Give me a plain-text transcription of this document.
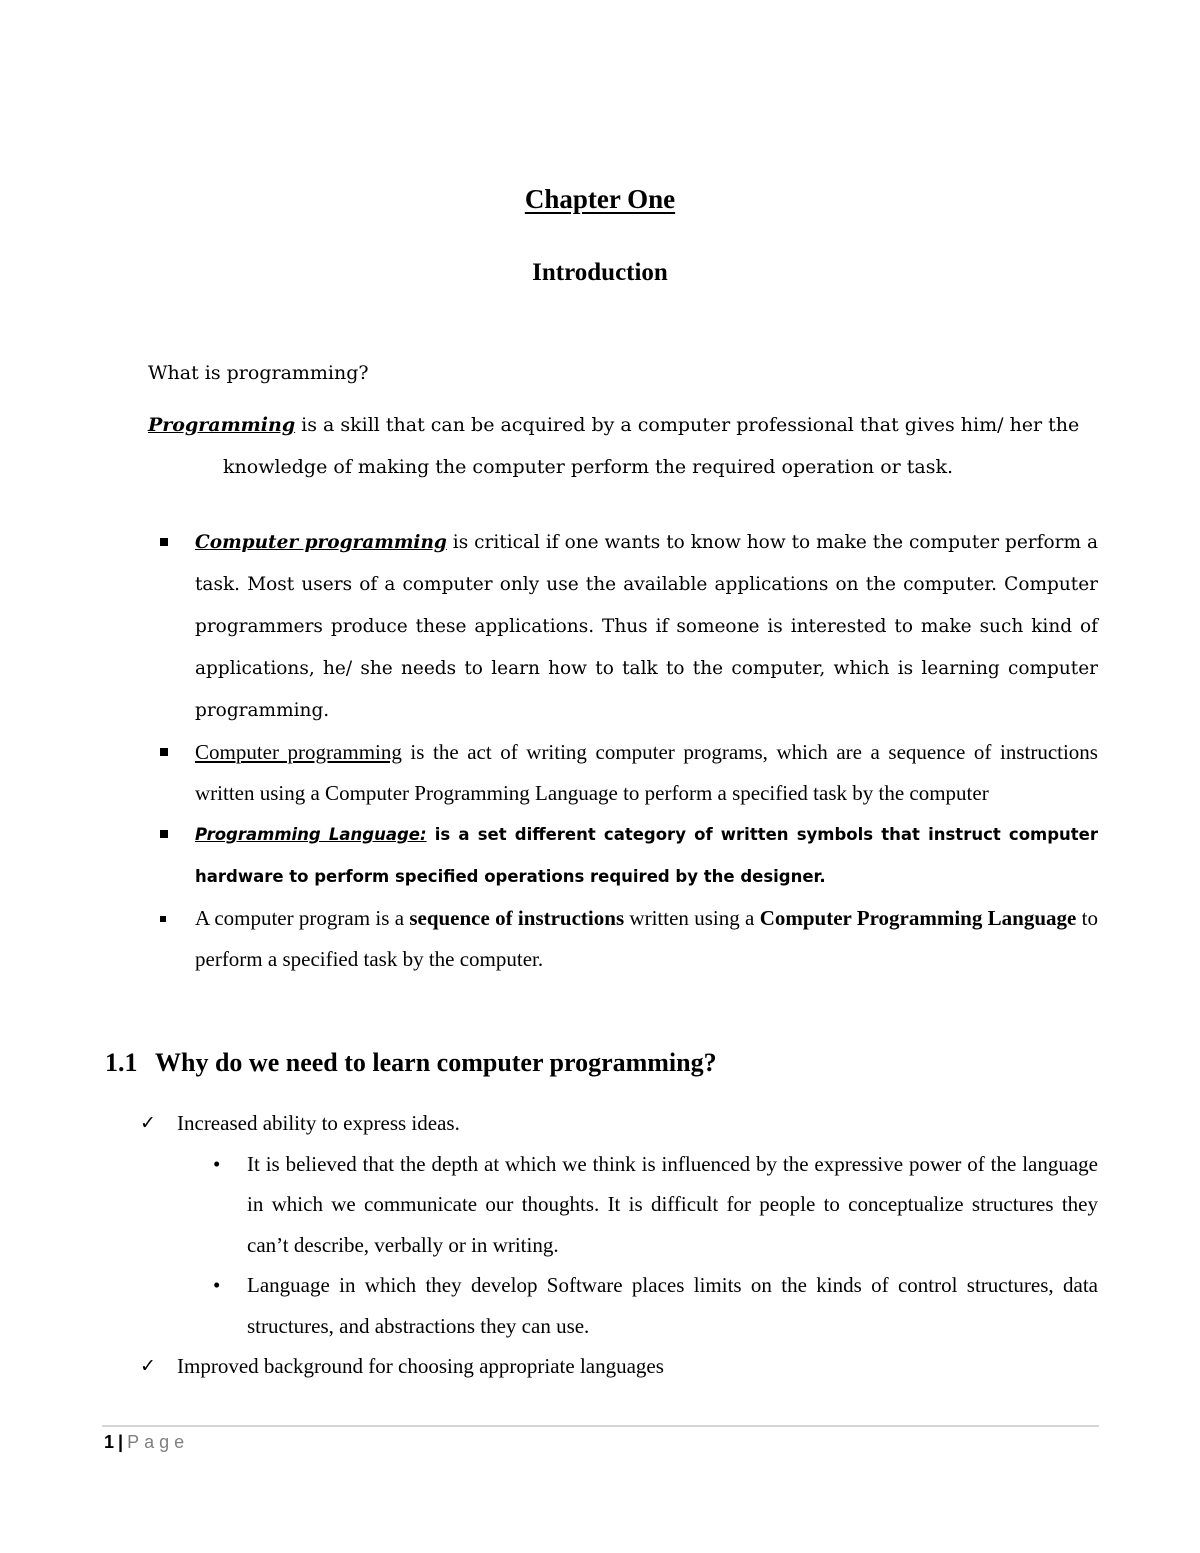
Chapter One
Introduction
What is programming?
Programming is a skill that can be acquired by a computer professional that gives him/ her the knowledge of making the computer perform the required operation or task.
Computer programming is critical if one wants to know how to make the computer perform a task. Most users of a computer only use the available applications on the computer. Computer programmers produce these applications. Thus if someone is interested to make such kind of applications, he/ she needs to learn how to talk to the computer, which is learning computer programming.
Computer programming is the act of writing computer programs, which are a sequence of instructions written using a Computer Programming Language to perform a specified task by the computer
Programming Language: is a set different category of written symbols that instruct computer hardware to perform specified operations required by the designer.
A computer program is a sequence of instructions written using a Computer Programming Language to perform a specified task by the computer.
1.1 Why do we need to learn computer programming?
✓ Increased ability to express ideas.
• It is believed that the depth at which we think is influenced by the expressive power of the language in which we communicate our thoughts. It is difficult for people to conceptualize structures they can’t describe, verbally or in writing.
• Language in which they develop Software places limits on the kinds of control structures, data structures, and abstractions they can use.
✓ Improved background for choosing appropriate languages
1 | Page
